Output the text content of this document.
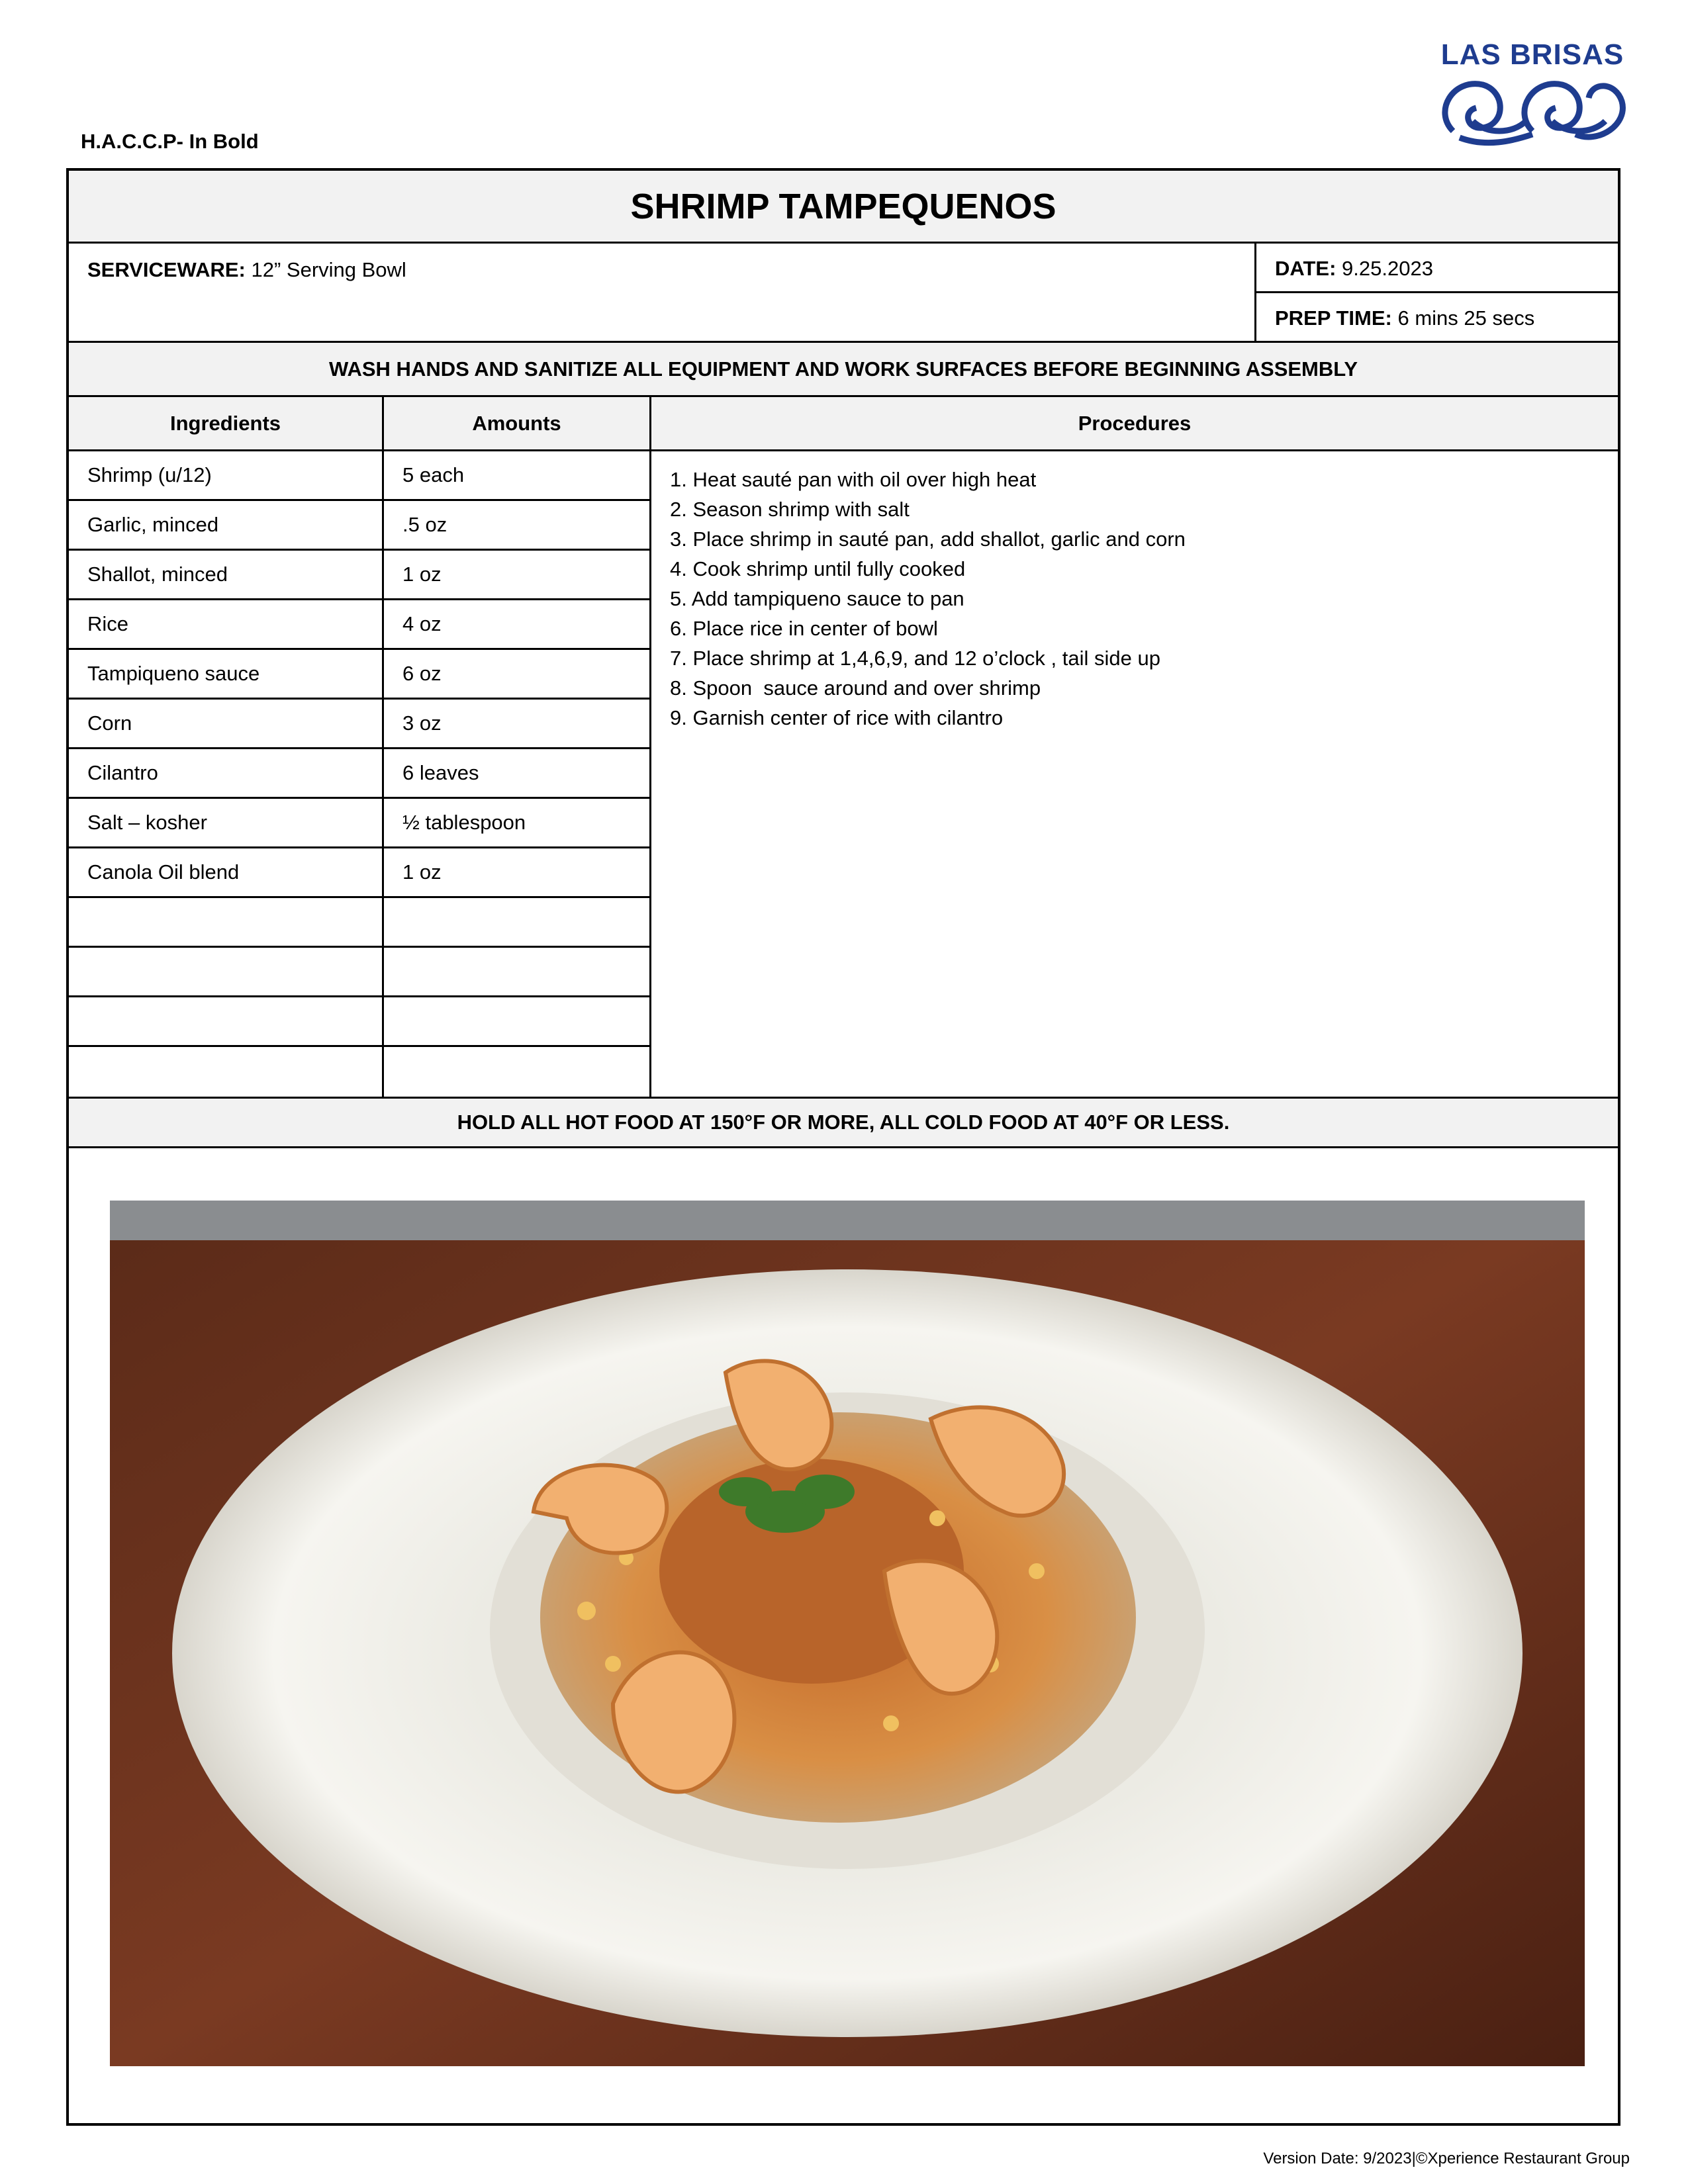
H.A.C.C.P- In Bold
LAS BRISAS
SHRIMP TAMPEQUENOS
SERVICEWARE: 12” Serving Bowl	DATE: 9.25.2023
PREP TIME: 6 mins 25 secs
WASH HANDS AND SANITIZE ALL EQUIPMENT AND WORK SURFACES BEFORE BEGINNING ASSEMBLY
Ingredients	Amounts	Procedures
Shrimp (u/12)	5 each
Garlic, minced	.5 oz
Shallot, minced	1 oz
Rice	4 oz
Tampiqueno sauce	6 oz
Corn	3 oz
Cilantro	6 leaves
Salt – kosher	½ tablespoon
Canola Oil blend	1 oz
1. Heat sauté pan with oil over high heat
2. Season shrimp with salt
3. Place shrimp in sauté pan, add shallot, garlic and corn
4. Cook shrimp until fully cooked
5. Add tampiqueno sauce to pan
6. Place rice in center of bowl
7. Place shrimp at 1,4,6,9, and 12 o’clock , tail side up
8. Spoon  sauce around and over shrimp
9. Garnish center of rice with cilantro
HOLD ALL HOT FOOD AT 150°F OR MORE, ALL COLD FOOD AT 40°F OR LESS.
Version Date: 9/2023|©Xperience Restaurant Group
